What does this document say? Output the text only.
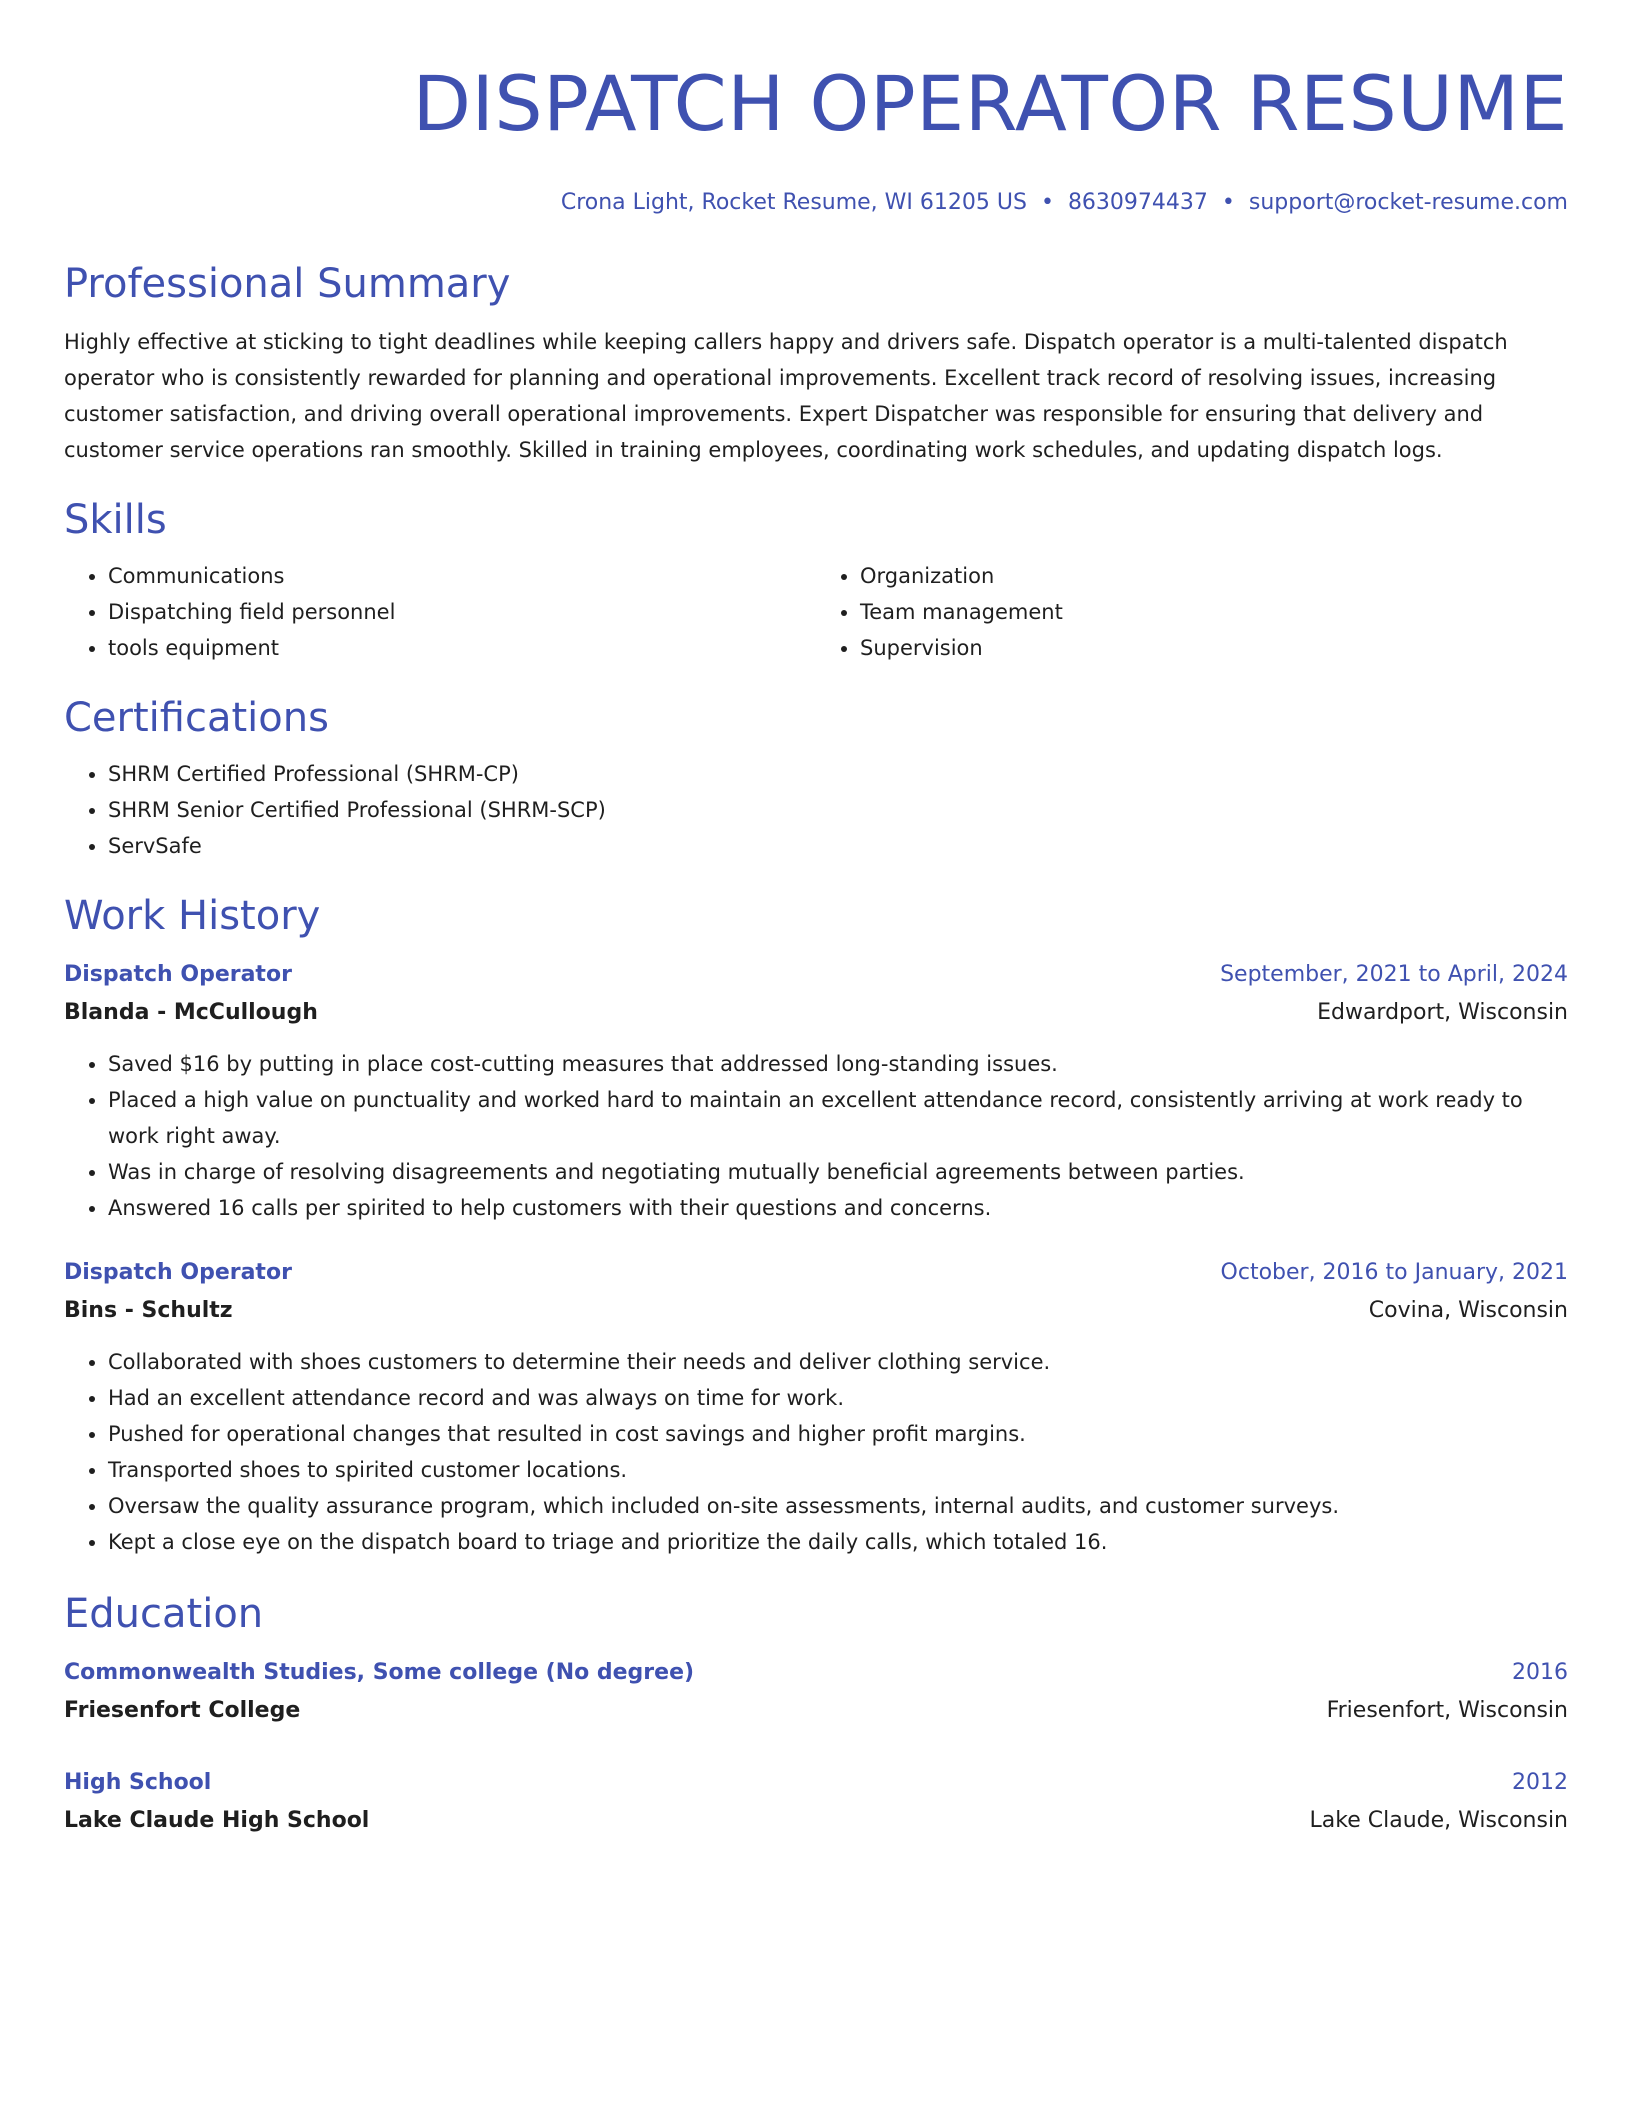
DISPATCH OPERATOR RESUME
Crona Light, Rocket Resume, WI 61205 US • 8630974437 • support@rocket-resume.com
Professional Summary
Highly effective at sticking to tight deadlines while keeping callers happy and drivers safe. Dispatch operator is a multi-talented dispatch operator who is consistently rewarded for planning and operational improvements. Excellent track record of resolving issues, increasing customer satisfaction, and driving overall operational improvements. Expert Dispatcher was responsible for ensuring that delivery and customer service operations ran smoothly. Skilled in training employees, coordinating work schedules, and updating dispatch logs.
Skills
• Communications
• Dispatching field personnel
• tools equipment
• Organization
• Team management
• Supervision
Certifications
• SHRM Certified Professional (SHRM-CP)
• SHRM Senior Certified Professional (SHRM-SCP)
• ServSafe
Work History
Dispatch Operator	September, 2021 to April, 2024
Blanda - McCullough	Edwardport, Wisconsin
• Saved $16 by putting in place cost-cutting measures that addressed long-standing issues.
• Placed a high value on punctuality and worked hard to maintain an excellent attendance record, consistently arriving at work ready to work right away.
• Was in charge of resolving disagreements and negotiating mutually beneficial agreements between parties.
• Answered 16 calls per spirited to help customers with their questions and concerns.
Dispatch Operator	October, 2016 to January, 2021
Bins - Schultz	Covina, Wisconsin
• Collaborated with shoes customers to determine their needs and deliver clothing service.
• Had an excellent attendance record and was always on time for work.
• Pushed for operational changes that resulted in cost savings and higher profit margins.
• Transported shoes to spirited customer locations.
• Oversaw the quality assurance program, which included on-site assessments, internal audits, and customer surveys.
• Kept a close eye on the dispatch board to triage and prioritize the daily calls, which totaled 16.
Education
Commonwealth Studies, Some college (No degree)	2016
Friesenfort College	Friesenfort, Wisconsin
High School	2012
Lake Claude High School	Lake Claude, Wisconsin
